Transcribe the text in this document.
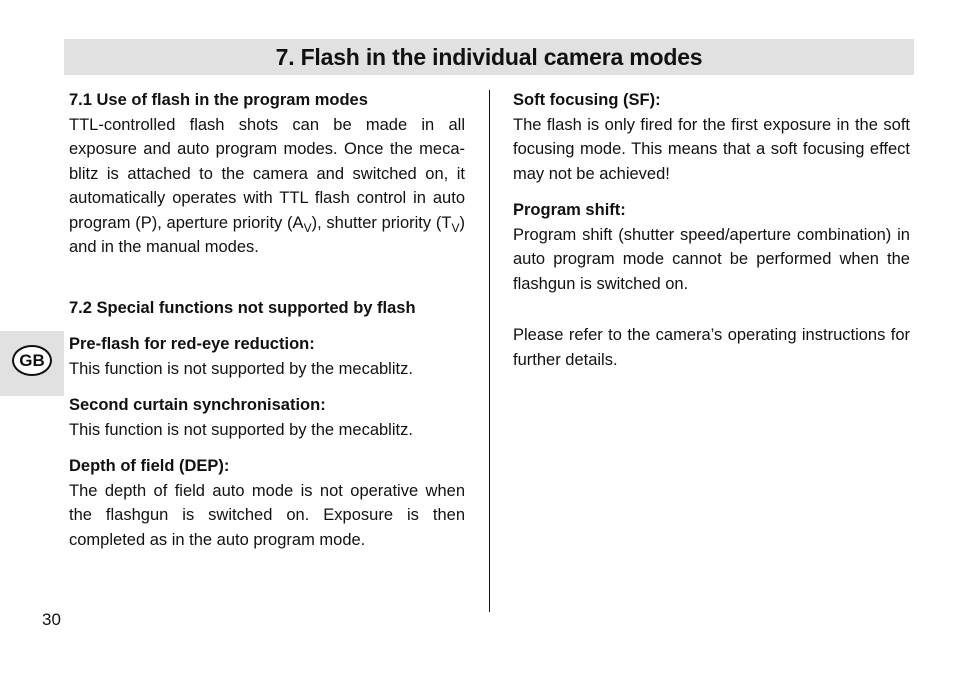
7. Flash in the individual camera modes
GB

7.1 Use of flash in the program modes

TTL-controlled flash shots can be made in all exposure and auto program modes. Once the meca-blitz is attached to the camera and switched on, it automatically operates with TTL flash control in auto program (P), aperture priority $(A_V)$, shutter priority $(T_V)$ and in the manual modes.

7.2 Special functions not supported by flash

Pre-flash for red-eye reduction:

This function is not supported by the mecablitz.

Second curtain synchronisation:

This function is not supported by the mecablitz.

Depth of field (DEP):

The depth of field auto mode is not operative when the flashgun is switched on. Exposure is then completed as in the auto program mode.

Soft focusing (SF):

The flash is only fired for the first exposure in the soft focusing mode. This means that a soft focusing effect may not be achieved!

Program shift:

Program shift (shutter speed/aperture combination) in auto program mode cannot be performed when the flashgun is switched on.

Please refer to the camera’s operating instructions for further details.

30
